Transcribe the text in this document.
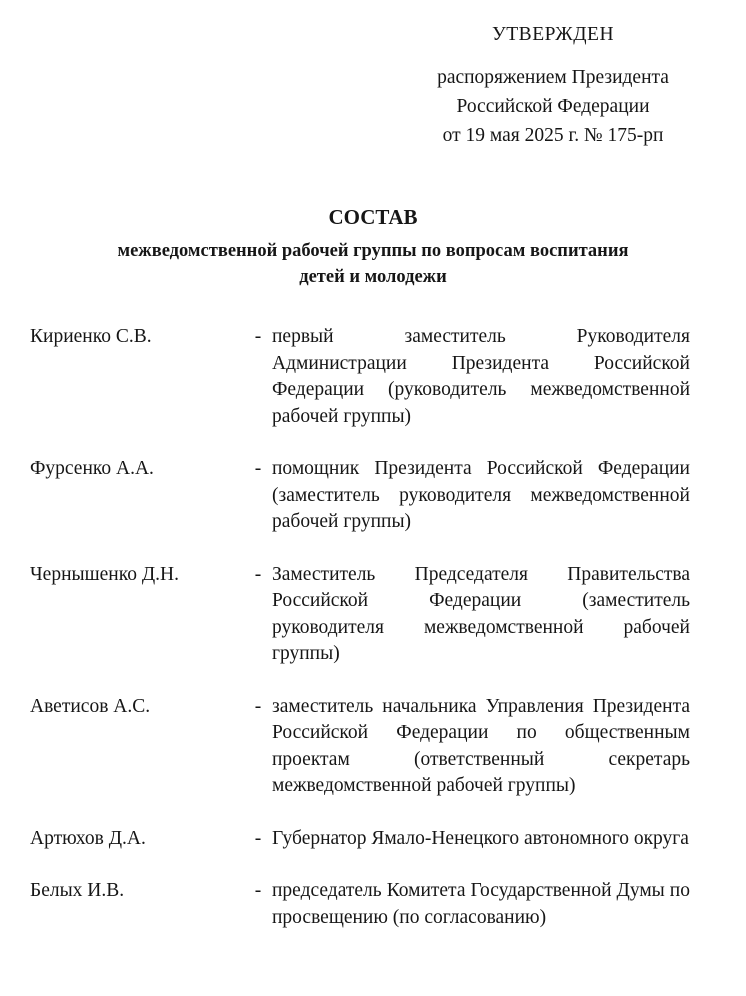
УТВЕРЖДЕН
распоряжением Президента
Российской Федерации
от 19 мая 2025 г. № 175-рп
СОСТАВ
межведомственной рабочей группы по вопросам воспитания
детей и молодежи
Кириенко С.В.	- первый заместитель Руководителя Администрации Президента Российской Федерации (руководитель межведомственной рабочей группы)
Фурсенко А.А.	- помощник Президента Российской Федерации (заместитель руководителя межведомственной рабочей группы)
Чернышенко Д.Н.	- Заместитель Председателя Правительства Российской Федерации (заместитель руководителя межведомственной рабочей группы)
Аветисов А.С.	- заместитель начальника Управления Президента Российской Федерации по общественным проектам (ответственный секретарь межведомственной рабочей группы)
Артюхов Д.А.	- Губернатор Ямало-Ненецкого автономного округа
Белых И.В.	- председатель Комитета Государственной Думы по просвещению (по согласованию)
